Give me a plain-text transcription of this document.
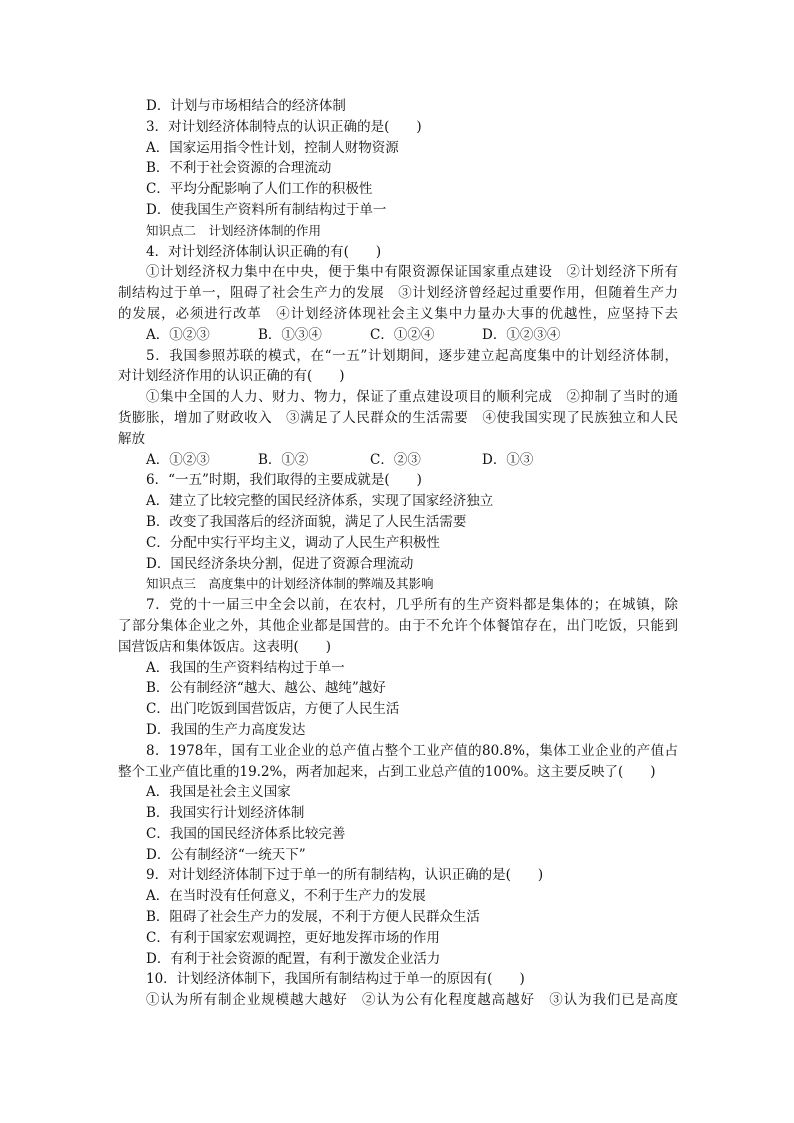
D．计划与市场相结合的经济体制
3．对计划经济体制特点的认识正确的是(　　)
A．国家运用指令性计划，控制人财物资源
B．不利于社会资源的合理流动
C．平均分配影响了人们工作的积极性
D．使我国生产资料所有制结构过于单一
知识点二　计划经济体制的作用
4．对计划经济体制认识正确的有(　　)
①计划经济权力集中在中央，便于集中有限资源保证国家重点建设　②计划经济下所有
制结构过于单一，阻碍了社会生产力的发展　③计划经济曾经起过重要作用，但随着生产力
的发展，必须进行改革　④计划经济体现社会主义集中力量办大事的优越性，应坚持下去
A．①②③	B．①③④	C．①②④	D．①②③④
5．我国参照苏联的模式，在“一五”计划期间，逐步建立起高度集中的计划经济体制，
对计划经济作用的认识正确的有(　　)
①集中全国的人力、财力、物力，保证了重点建设项目的顺利完成　②抑制了当时的通
货膨胀，增加了财政收入　③满足了人民群众的生活需要　④使我国实现了民族独立和人民
解放
A．①②③	B．①②	C．②③	D．①③
6．“一五”时期，我们取得的主要成就是(　　)
A．建立了比较完整的国民经济体系，实现了国家经济独立
B．改变了我国落后的经济面貌，满足了人民生活需要
C．分配中实行平均主义，调动了人民生产积极性
D．国民经济条块分割，促进了资源合理流动
知识点三　高度集中的计划经济体制的弊端及其影响
7．党的十一届三中全会以前，在农村，几乎所有的生产资料都是集体的；在城镇，除
了部分集体企业之外，其他企业都是国营的。由于不允许个体餐馆存在，出门吃饭，只能到
国营饭店和集体饭店。这表明(　　)
A．我国的生产资料结构过于单一
B．公有制经济“越大、越公、越纯”越好
C．出门吃饭到国营饭店，方便了人民生活
D．我国的生产力高度发达
8．1978年，国有工业企业的总产值占整个工业产值的80.8%，集体工业企业的产值占
整个工业产值比重的19.2%，两者加起来，占到工业总产值的100%。这主要反映了(　　)
A．我国是社会主义国家
B．我国实行计划经济体制
C．我国的国民经济体系比较完善
D．公有制经济“一统天下”
9．对计划经济体制下过于单一的所有制结构，认识正确的是(　　)
A．在当时没有任何意义，不利于生产力的发展
B．阻碍了社会生产力的发展，不利于方便人民群众生活
C．有利于国家宏观调控，更好地发挥市场的作用
D．有利于社会资源的配置，有利于激发企业活力
10．计划经济体制下，我国所有制结构过于单一的原因有(　　)
①认为所有制企业规模越大越好　②认为公有化程度越高越好　③认为我们已是高度
